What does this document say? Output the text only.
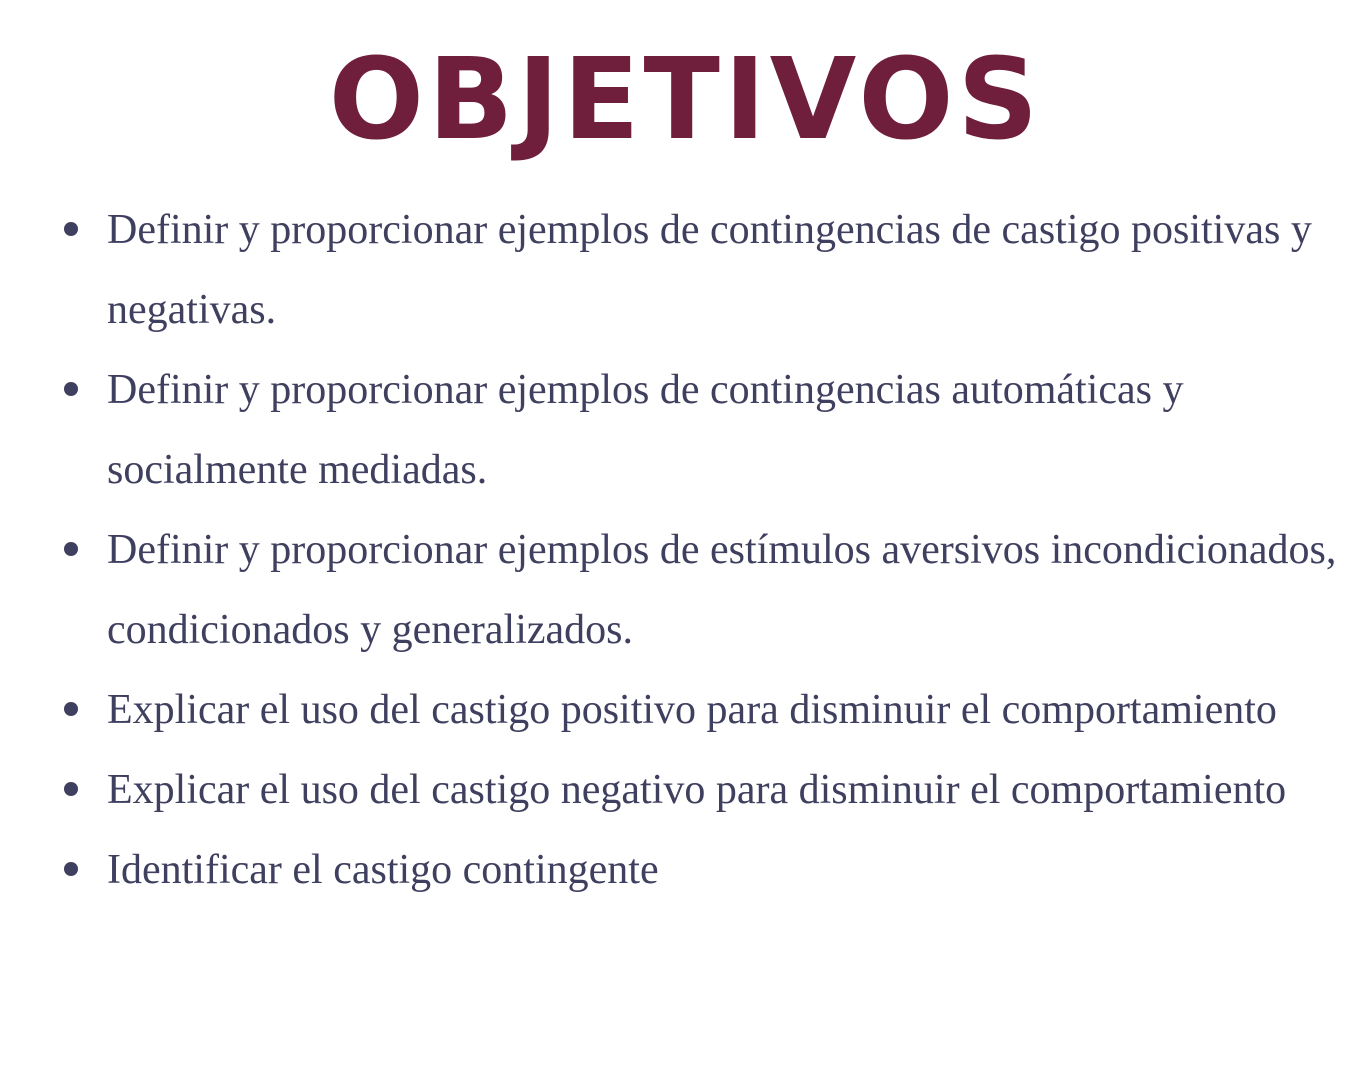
OBJETIVOS
Definir y proporcionar ejemplos de contingencias de castigo positivas y negativas.
Definir y proporcionar ejemplos de contingencias automáticas y socialmente mediadas.
Definir y proporcionar ejemplos de estímulos aversivos incondicionados, condicionados y generalizados.
Explicar el uso del castigo positivo para disminuir el comportamiento
Explicar el uso del castigo negativo para disminuir el comportamiento
Identificar el castigo contingente
